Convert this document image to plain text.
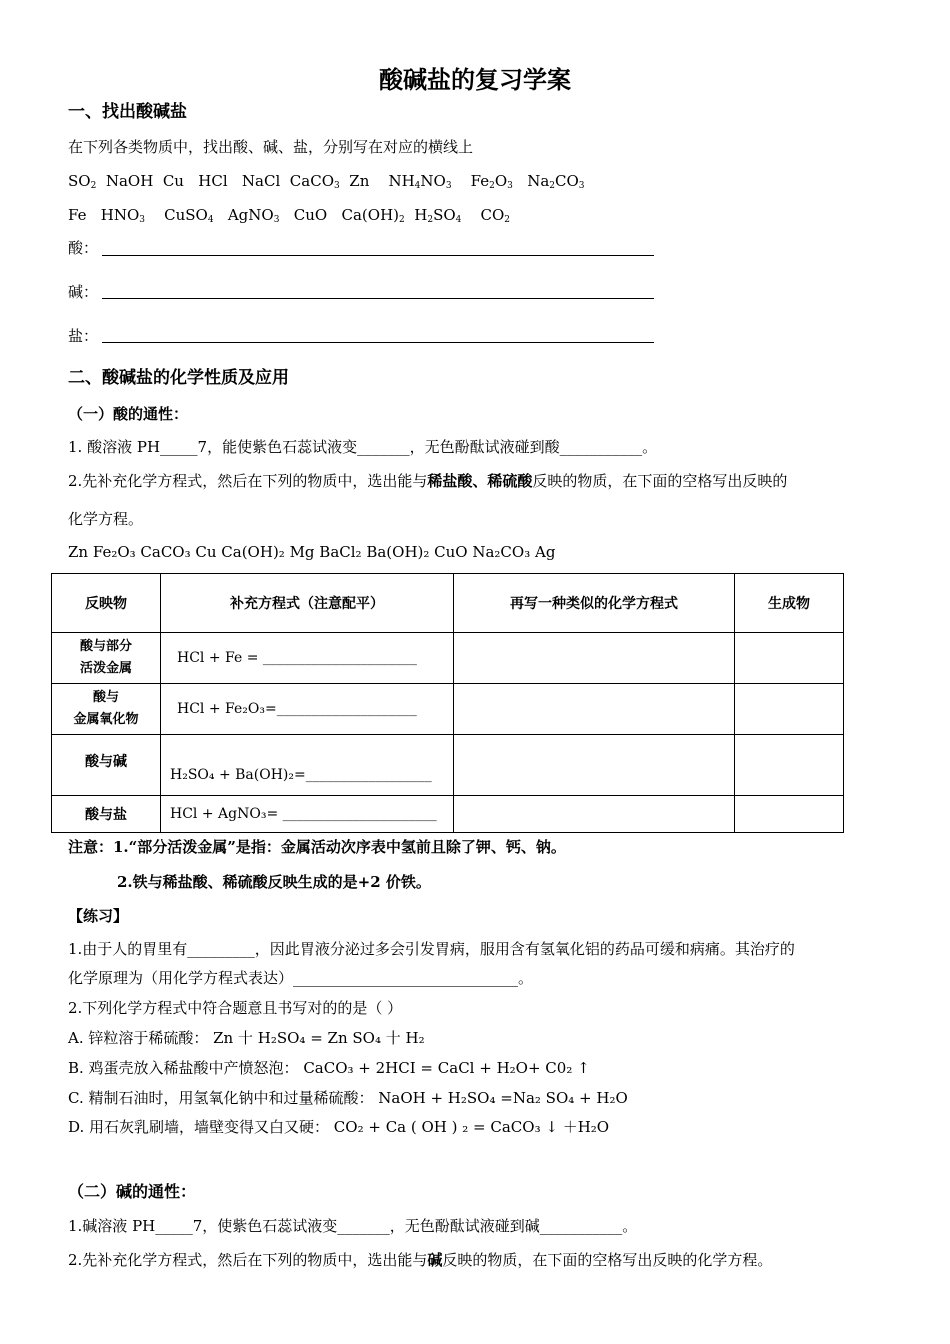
酸碱盐的复习学案
一、找出酸碱盐
在下列各类物质中，找出酸、碱、盐，分别写在对应的横线上
$SO_2$  NaOH  Cu   HCl   NaCl  CaCO$_3$  Zn    $NH_4NO_3$    $Fe_2O_3$   $Na_2CO_3$
Fe   $HNO_3$    CuSO$_4$   AgNO$_3$   CuO   $Ca(OH)_2$  $H_2SO_4$    $CO_2$
酸：
碱：
盐：
二、酸碱盐的化学性质及应用
（一）酸的通性：
1. 酸溶液 PH_____7，能使紫色石蕊试液变_______，无色酚酞试液碰到酸___________。
2.先补充化学方程式，然后在下列的物质中，选出能与稀盐酸、稀硫酸反映的物质，在下面的空格写出反映的
化学方程。
Zn Fe₂O₃ CaCO₃ Cu Ca(OH)₂ Mg BaCl₂ Ba(OH)₂ CuO Na₂CO₃ Ag
反映物	补充方程式（注意配平）	再写一种类似的化学方程式	生成物
酸与部分
活泼金属	HCl + Fe = ______________________		
酸与
金属氧化物	HCl + Fe₂O₃=____________________		
酸与碱	H₂SO₄ + Ba(OH)₂=__________________		
酸与盐	HCl + AgNO₃= ______________________		
注意：1.“部分活泼金属”是指：金属活动次序表中氢前且除了钾、钙、钠。
2.铁与稀盐酸、稀硫酸反映生成的是+2 价铁。
【练习】
1.由于人的胃里有_________，因此胃液分泌过多会引发胃病，服用含有氢氧化铝的药品可缓和病痛。其治疗的
化学原理为（用化学方程式表达）______________________________。
2.下列化学方程式中符合题意且书写对的的是（ ）
A. 锌粒溶于稀硫酸： Zn 十 H₂SO₄ = Zn SO₄ 十 H₂
B. 鸡蛋壳放入稀盐酸中产愤怒泡： CaCO₃ + 2HCI = CaCl + H₂O+ C0₂ ↑
C. 精制石油时，用氢氧化钠中和过量稀硫酸： NaOH + H₂SO₄ =Na₂ SO₄ + H₂O
D. 用石灰乳刷墙，墙壁变得又白又硬： CO₂ + Ca ( OH ) ₂ = CaCO₃ ↓ ＋H₂O
（二）碱的通性：
1.碱溶液 PH_____7，使紫色石蕊试液变_______，无色酚酞试液碰到碱___________。
2.先补充化学方程式，然后在下列的物质中，选出能与碱反映的物质，在下面的空格写出反映的化学方程。
